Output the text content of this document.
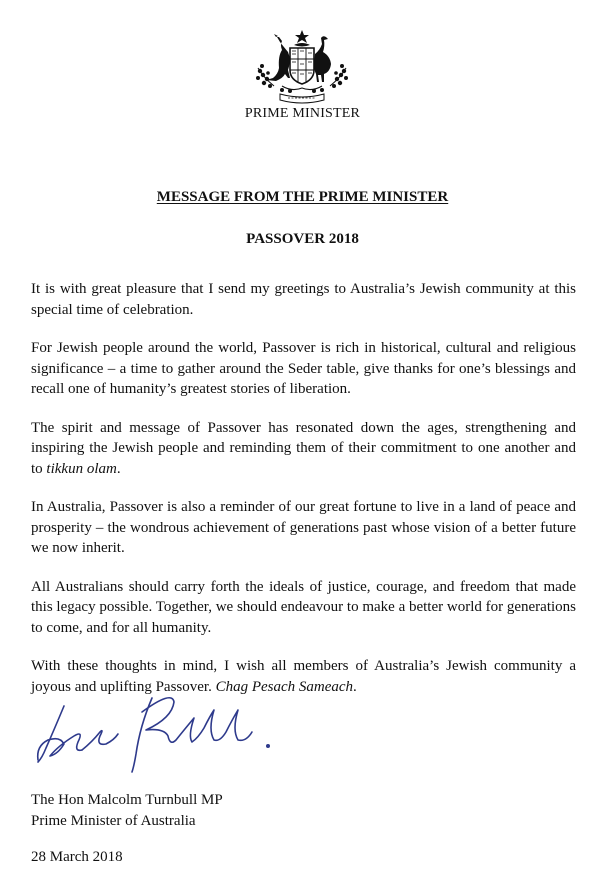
PRIME MINISTER
MESSAGE FROM THE PRIME MINISTER
PASSOVER 2018

It is with great pleasure that I send my greetings to Australia’s Jewish community at this special time of celebration.

For Jewish people around the world, Passover is rich in historical, cultural and religious significance – a time to gather around the Seder table, give thanks for one’s blessings and recall one of humanity’s greatest stories of liberation.

The spirit and message of Passover has resonated down the ages, strengthening and inspiring the Jewish people and reminding them of their commitment to one another and to tikkun olam.

In Australia, Passover is also a reminder of our great fortune to live in a land of peace and prosperity – the wondrous achievement of generations past whose vision of a better future we now inherit.

All Australians should carry forth the ideals of justice, courage, and freedom that made this legacy possible. Together, we should endeavour to make a better world for generations to come, and for all humanity.

With these thoughts in mind, I wish all members of Australia’s Jewish community a joyous and uplifting Passover. Chag Pesach Sameach.

The Hon Malcolm Turnbull MP
Prime Minister of Australia
28 March 2018
